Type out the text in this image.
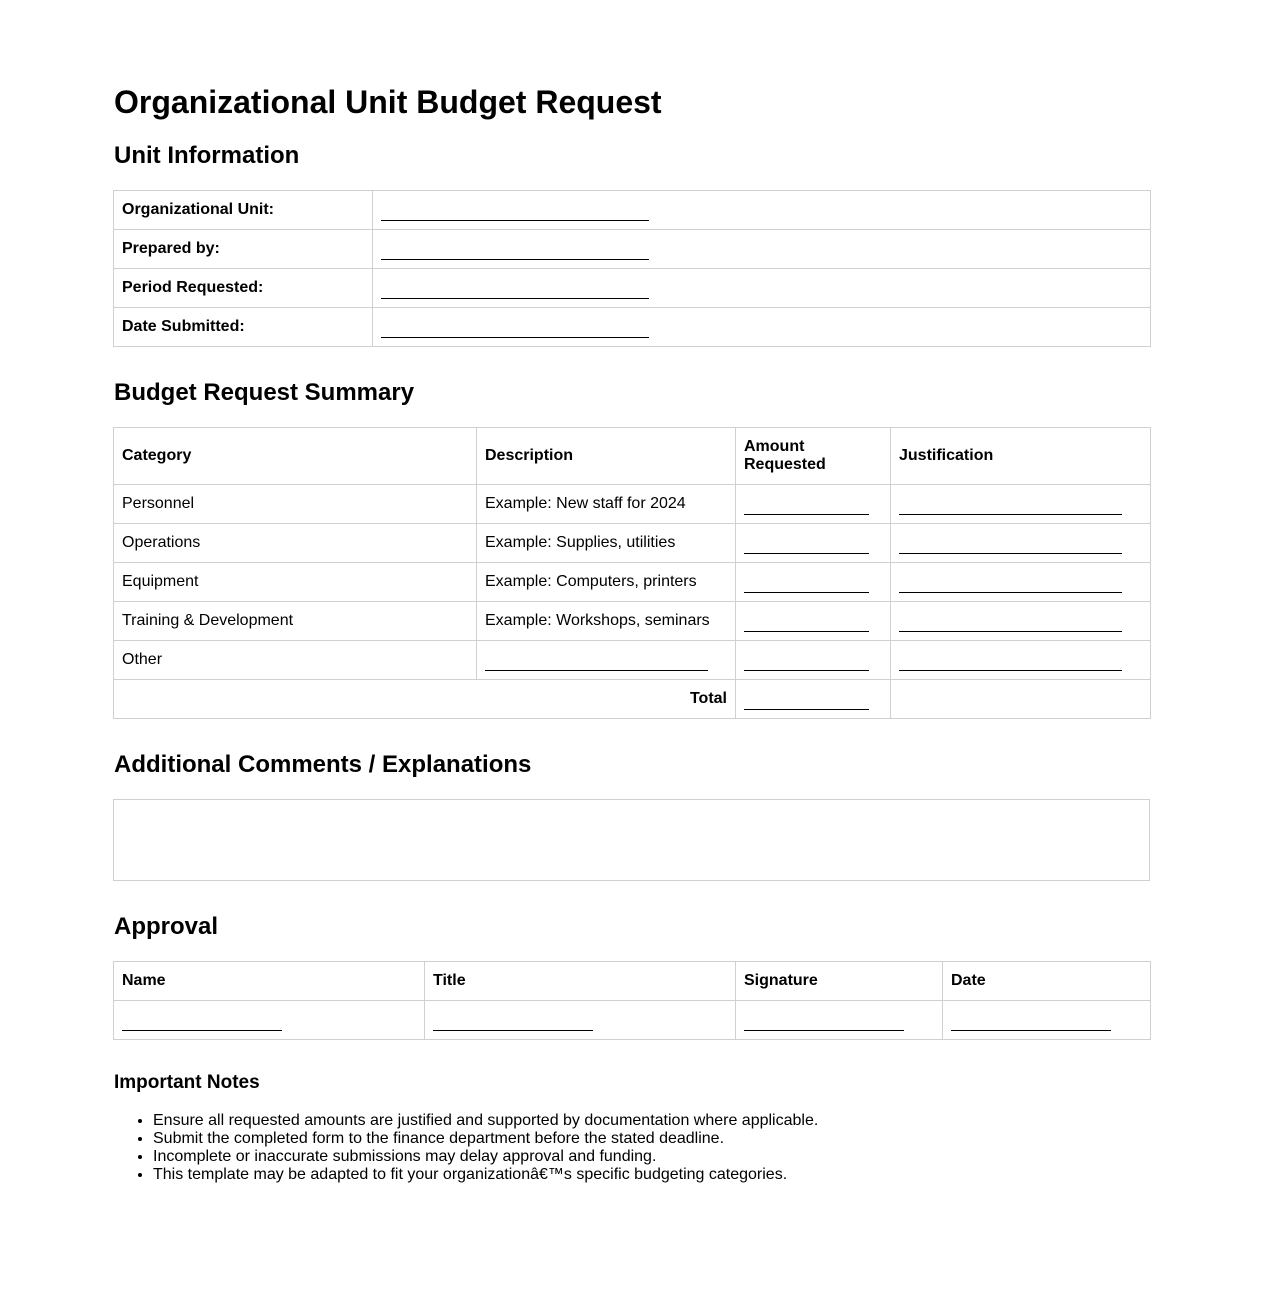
Organizational Unit Budget Request
Unit Information
Organizational Unit:	
Prepared by:	
Period Requested:	
Date Submitted:	
Budget Request Summary
Category	Description	Amount Requested	Justification
Personnel	Example: New staff for 2024		
Operations	Example: Supplies, utilities		
Equipment	Example: Computers, printers		
Training & Development	Example: Workshops, seminars		
Other			
Total			
Additional Comments / Explanations
Approval
Name	Title	Signature	Date

Important Notes
• Ensure all requested amounts are justified and supported by documentation where applicable.
• Submit the completed form to the finance department before the stated deadline.
• Incomplete or inaccurate submissions may delay approval and funding.
• This template may be adapted to fit your organizationâ€™s specific budgeting categories.
